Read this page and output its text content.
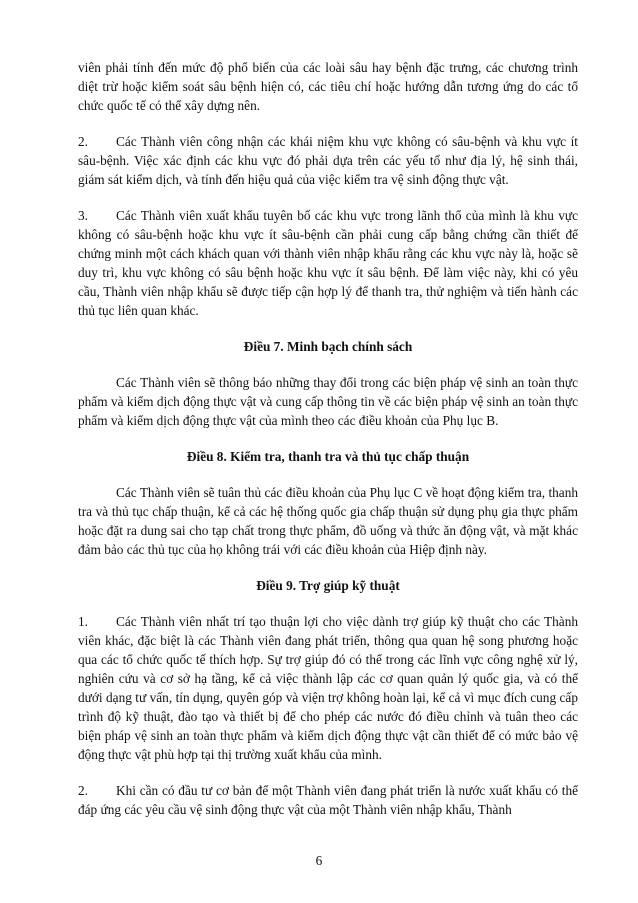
viên phải tính đến mức độ phổ biến của các loài sâu hay bệnh đặc trưng, các chương trình diệt trừ hoặc kiểm soát sâu bệnh hiện có, các tiêu chí hoặc hướng dẫn tương ứng do các tổ chức quốc tế có thể xây dựng nên.

2. Các Thành viên công nhận các khái niệm khu vực không có sâu-bệnh và khu vực ít sâu-bệnh. Việc xác định các khu vực đó phải dựa trên các yếu tố như địa lý, hệ sinh thái, giám sát kiểm dịch, và tính đến hiệu quả của việc kiểm tra vệ sinh động thực vật.

3. Các Thành viên xuất khẩu tuyên bố các khu vực trong lãnh thổ của mình là khu vực không có sâu-bệnh hoặc khu vực ít sâu-bệnh cần phải cung cấp bằng chứng cần thiết để chứng minh một cách khách quan với thành viên nhập khẩu rằng các khu vực này là, hoặc sẽ duy trì, khu vực không có sâu bệnh hoặc khu vực ít sâu bệnh. Để làm việc này, khi có yêu cầu, Thành viên nhập khẩu sẽ được tiếp cận hợp lý để thanh tra, thử nghiệm và tiến hành các thủ tục liên quan khác.

Điều 7. Minh bạch chính sách

Các Thành viên sẽ thông báo những thay đổi trong các biện pháp vệ sinh an toàn thực phẩm và kiểm dịch động thực vật và cung cấp thông tin về các biện pháp vệ sinh an toàn thực phẩm và kiểm dịch động thực vật của mình theo các điều khoản của Phụ lục B.

Điều 8. Kiểm tra, thanh tra và thủ tục chấp thuận

Các Thành viên sẽ tuân thủ các điều khoản của Phụ lục C về hoạt động kiểm tra, thanh tra và thủ tục chấp thuận, kể cả các hệ thống quốc gia chấp thuận sử dụng phụ gia thực phẩm hoặc đặt ra dung sai cho tạp chất trong thực phẩm, đồ uống và thức ăn động vật, và mặt khác đảm bảo các thủ tục của họ không trái với các điều khoản của Hiệp định này.

Điều 9. Trợ giúp kỹ thuật

1. Các Thành viên nhất trí tạo thuận lợi cho việc dành trợ giúp kỹ thuật cho các Thành viên khác, đặc biệt là các Thành viên đang phát triển, thông qua quan hệ song phương hoặc qua các tổ chức quốc tế thích hợp. Sự trợ giúp đó có thể trong các lĩnh vực công nghệ xử lý, nghiên cứu và cơ sở hạ tầng, kể cả việc thành lập các cơ quan quản lý quốc gia, và có thể dưới dạng tư vấn, tín dụng, quyên góp và viện trợ không hoàn lại, kể cả vì mục đích cung cấp trình độ kỹ thuật, đào tạo và thiết bị để cho phép các nước đó điều chỉnh và tuân theo các biện pháp vệ sinh an toàn thực phẩm và kiểm dịch động thực vật cần thiết để có mức bảo vệ động thực vật phù hợp tại thị trường xuất khẩu của mình.

2. Khi cần có đầu tư cơ bản để một Thành viên đang phát triển là nước xuất khẩu có thể đáp ứng các yêu cầu vệ sinh động thực vật của một Thành viên nhập khẩu, Thành

6
